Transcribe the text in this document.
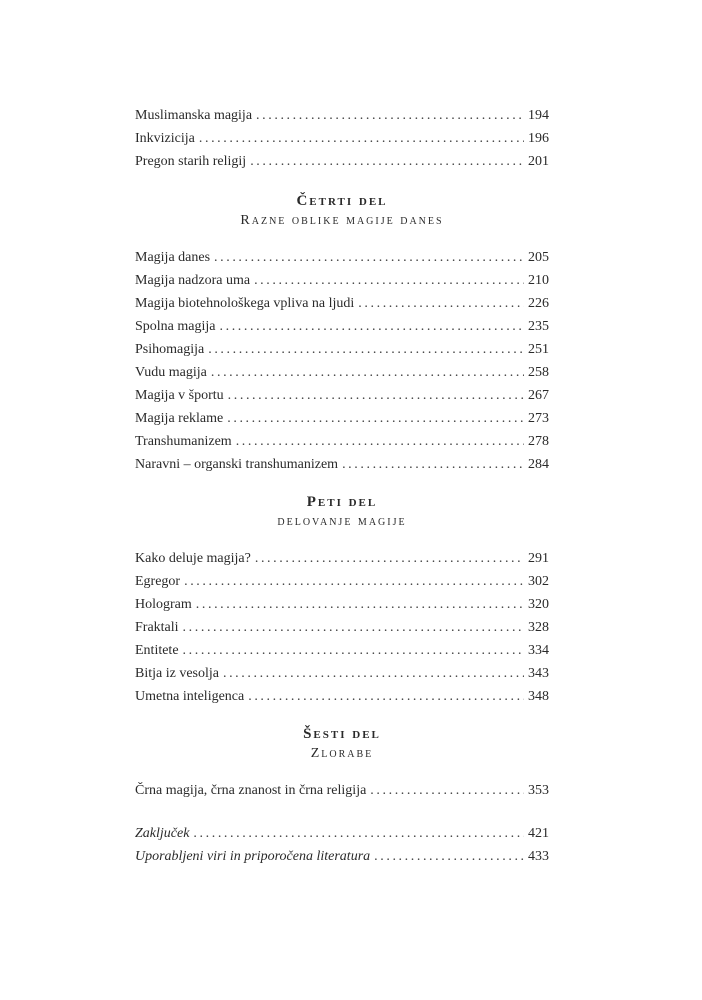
Muslimanska magija .....	194
Inkvizicija .....	196
Pregon starih religij .....	201
Četrti del
Razne oblike magije danes
Magija danes .....	205
Magija nadzora uma .....	210
Magija biotehnološkega vpliva na ljudi .....	226
Spolna magija .....	235
Psihomagija .....	251
Vudu magija .....	258
Magija v športu .....	267
Magija reklame .....	273
Transhumanizem .....	278
Naravni – organski transhumanizem .....	284
Peti del
delovanje magije
Kako deluje magija? .....	291
Egregor .....	302
Hologram .....	320
Fraktali .....	328
Entitete .....	334
Bitja iz vesolja .....	343
Umetna inteligenca .....	348
Šesti del
Zlorabe
Črna magija, črna znanost in črna religija .....	353
Zaključek .....	421
Uporabljeni viri in priporočena literatura .....	433
